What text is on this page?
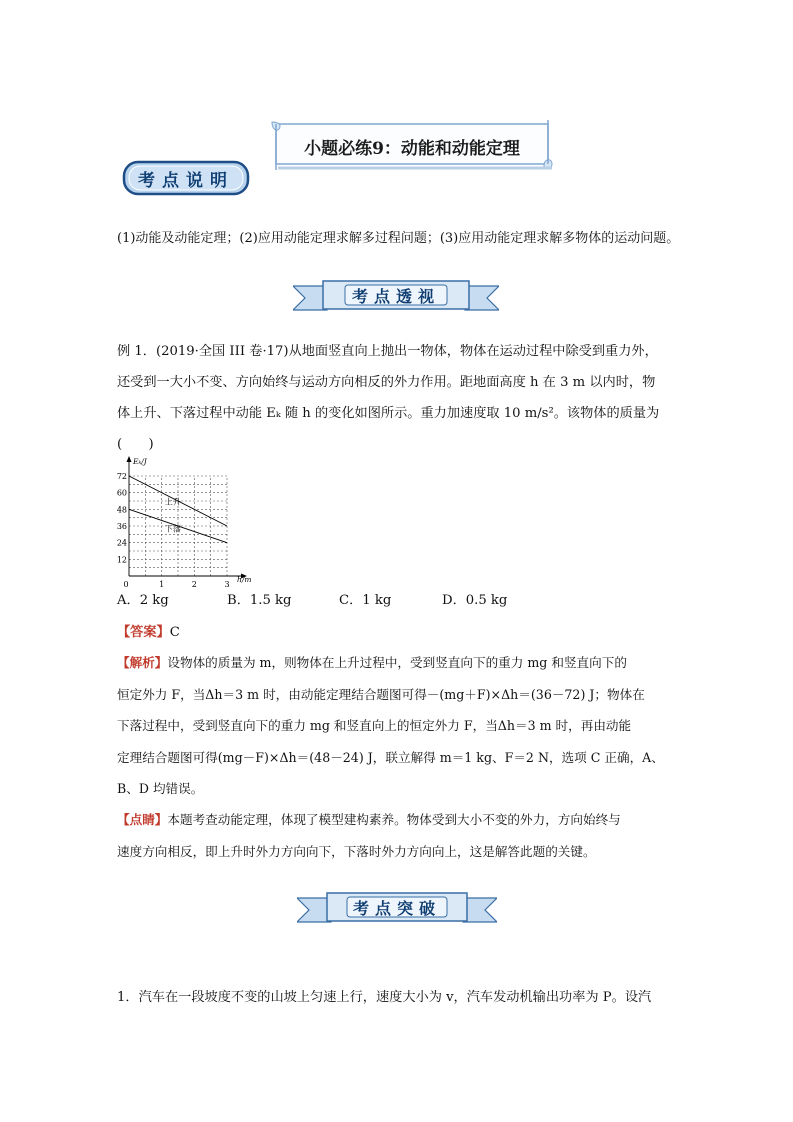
小题必练9：动能和动能定理
考点说明
(1)动能及动能定理；(2)应用动能定理求解多过程问题；(3)应用动能定理求解多物体的运动问题。
考点透视
例 1．(2019·全国 III 卷·17)从地面竖直向上抛出一物体，物体在运动过程中除受到重力外，
还受到一大小不变、方向始终与运动方向相反的外力作用。距地面高度 h 在 3 m 以内时，物
体上升、下落过程中动能 Eₖ 随 h 的变化如图所示。重力加速度取 10 m/s²。该物体的质量为
(　　)
Eₖ/J
h/m
0	1	2	3
12
24
36
48
60
72
上升
下落
A．2 kg	B．1.5 kg	C．1 kg	D．0.5 kg
【答案】C
【解析】设物体的质量为 m，则物体在上升过程中，受到竖直向下的重力 mg 和竖直向下的
恒定外力 F，当Δh＝3 m 时，由动能定理结合题图可得－(mg＋F)×Δh＝(36－72) J；物体在
下落过程中，受到竖直向下的重力 mg 和竖直向上的恒定外力 F，当Δh＝3 m 时，再由动能
定理结合题图可得(mg－F)×Δh＝(48－24) J，联立解得 m＝1 kg、F＝2 N，选项 C 正确，A、
B、D 均错误。
【点睛】本题考查动能定理，体现了模型建构素养。物体受到大小不变的外力，方向始终与
速度方向相反，即上升时外力方向向下，下落时外力方向向上，这是解答此题的关键。
考点突破
1．汽车在一段坡度不变的山坡上匀速上行，速度大小为 v，汽车发动机输出功率为 P。设汽
